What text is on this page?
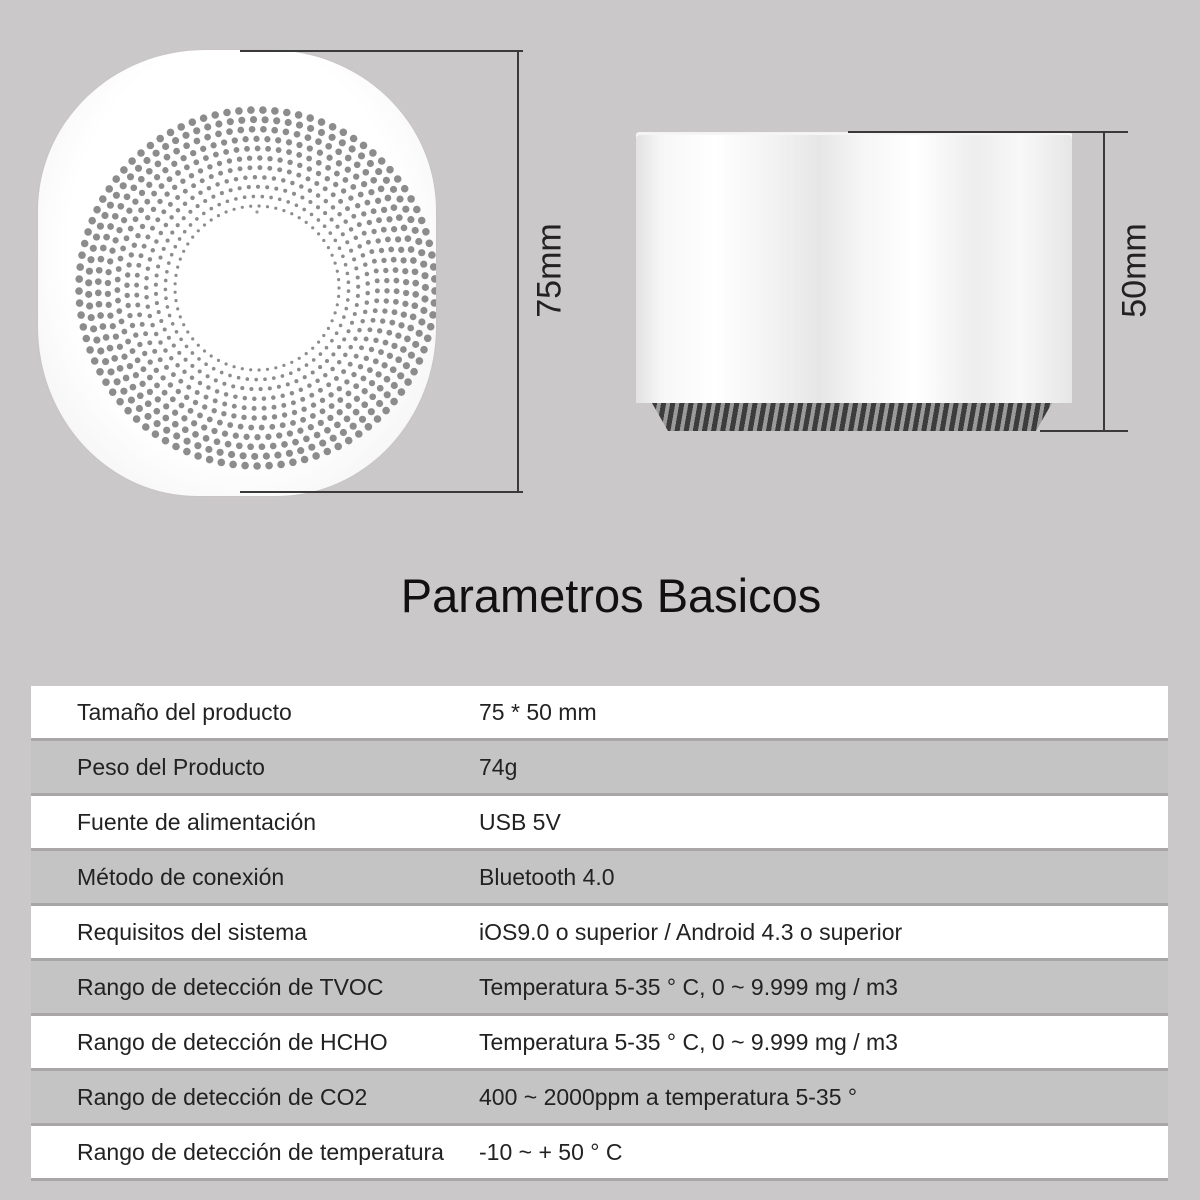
75mm	50mm
Parametros Basicos
Tamaño del producto	75 * 50 mm
Peso del Producto	74g
Fuente de alimentación	USB 5V
Método de conexión	Bluetooth 4.0
Requisitos del sistema	iOS9.0 o superior / Android 4.3 o superior
Rango de detección de TVOC	Temperatura 5-35 ° C, 0 ~ 9.999 mg / m3
Rango de detección de HCHO	Temperatura 5-35 ° C, 0 ~ 9.999 mg / m3
Rango de detección de CO2	400 ~ 2000ppm a temperatura 5-35 °
Rango de detección de temperatura	-10 ~ + 50 ° C
